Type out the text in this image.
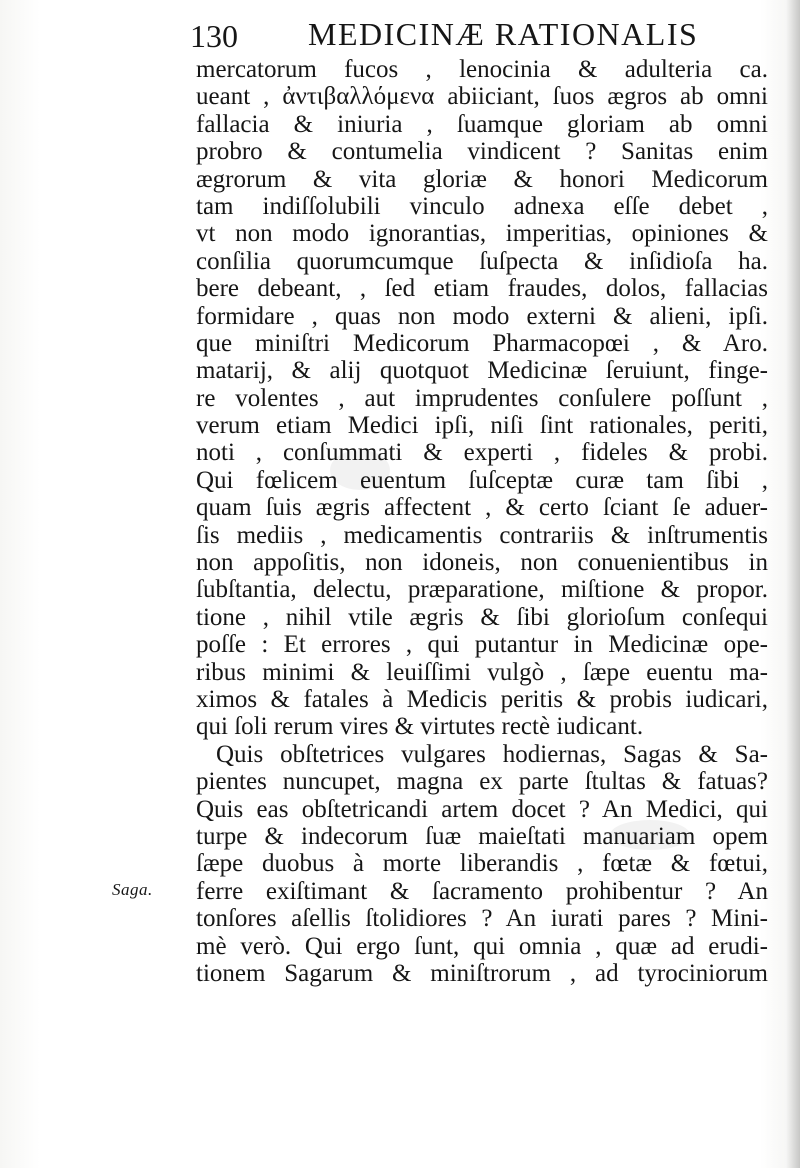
130 MEDICINÆ RATIONALIS
Saga.
mercatorum fucos , lenocinia & adulteria ca.
ueant , ἀντιβαλλόμενα abiiciant, ſuos ægros ab omni
fallacia & iniuria , ſuamque gloriam ab omni
probro & contumelia vindicent ? Sanitas enim
ægrorum & vita gloriæ & honori Medicorum
tam indiſſolubili vinculo adnexa eſſe debet ,
vt non modo ignorantias, imperitias, opiniones &
conſilia quorumcumque ſuſpecta & inſidioſa ha.
bere debeant, , ſed etiam fraudes, dolos, fallacias
formidare , quas non modo externi & alieni, ipſi.
que miniſtri Medicorum Pharmacopœi , & Aro.
matarij, & alij quotquot Medicinæ ſeruiunt, finge-
re volentes , aut imprudentes conſulere poſſunt ,
verum etiam Medici ipſi, niſi ſint rationales, periti,
noti , conſummati & experti , fideles & probi.
Qui fœlicem euentum ſuſceptæ curæ tam ſibi ,
quam ſuis ægris affectent , & certo ſciant ſe aduer-
ſis mediis , medicamentis contrariis & inſtrumentis
non appoſitis, non idoneis, non conuenientibus in
ſubſtantia, delectu, præparatione, miſtione & propor.
tione , nihil vtile ægris & ſibi glorioſum conſequi
poſſe : Et errores , qui putantur in Medicinæ ope-
ribus minimi & leuiſſimi vulgò , ſæpe euentu ma-
ximos & fatales à Medicis peritis & probis iudicari,
qui ſoli rerum vires & virtutes rectè iudicant.
Quis obſtetrices vulgares hodiernas, Sagas & Sa-
pientes nuncupet, magna ex parte ſtultas & fatuas?
Quis eas obſtetricandi artem docet ? An Medici, qui
turpe & indecorum ſuæ maieſtati manuariam opem
ſæpe duobus à morte liberandis , fœtæ & fœtui,
ferre exiſtimant & ſacramento prohibentur ? An
tonſores aſellis ſtolidiores ? An iurati pares ? Mini-
mè verò. Qui ergo ſunt, qui omnia , quæ ad erudi-
tionem Sagarum & miniſtrorum , ad tyrociniorum
